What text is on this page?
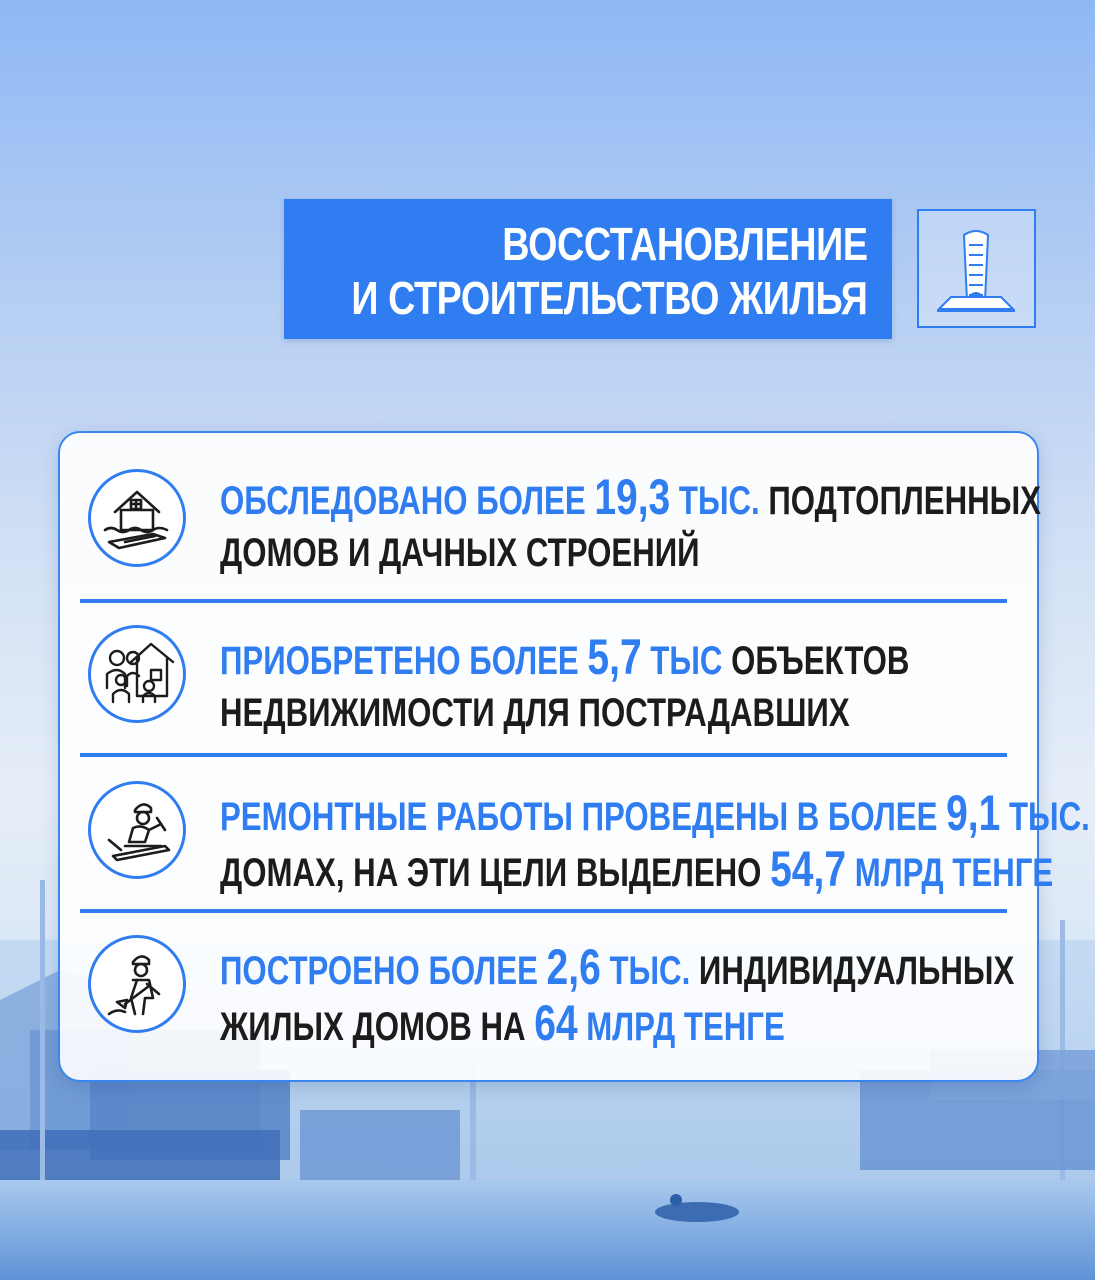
ВОССТАНОВЛЕНИЕ
И СТРОИТЕЛЬСТВО ЖИЛЬЯ
ОБСЛЕДОВАНО БОЛЕЕ 19,3 ТЫС. ПОДТОПЛЕННЫХ
ДОМОВ И ДАЧНЫХ СТРОЕНИЙ
ПРИОБРЕТЕНО БОЛЕЕ 5,7 ТЫС ОБЪЕКТОВ
НЕДВИЖИМОСТИ ДЛЯ ПОСТРАДАВШИХ
РЕМОНТНЫЕ РАБОТЫ ПРОВЕДЕНЫ В БОЛЕЕ 9,1 ТЫС.
ДОМАХ, НА ЭТИ ЦЕЛИ ВЫДЕЛЕНО 54,7 МЛРД ТЕНГЕ
ПОСТРОЕНО БОЛЕЕ 2,6 ТЫС. ИНДИВИДУАЛЬНЫХ
ЖИЛЫХ ДОМОВ НА 64 МЛРД ТЕНГЕ
